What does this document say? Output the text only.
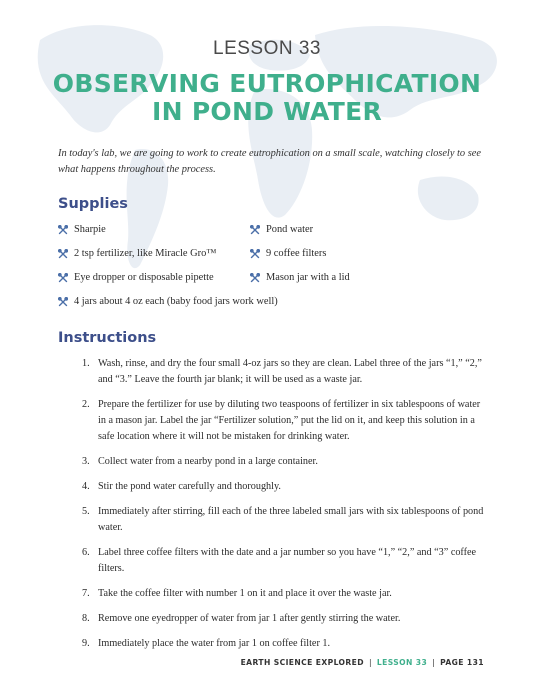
LESSON 33
OBSERVING EUTROPHICATION
IN POND WATER
In today's lab, we are going to work to create eutrophication on a small scale, watching closely to see what happens throughout the process.
Supplies
Sharpie	Pond water
2 tsp fertilizer, like Miracle Gro™	9 coffee filters
Eye dropper or disposable pipette	Mason jar with a lid
4 jars about 4 oz each (baby food jars work well)
Instructions
1. Wash, rinse, and dry the four small 4-oz jars so they are clean. Label three of the jars “1,” “2,” and “3.” Leave the fourth jar blank; it will be used as a waste jar.
2. Prepare the fertilizer for use by diluting two teaspoons of fertilizer in six tablespoons of water in a mason jar. Label the jar “Fertilizer solution,” put the lid on it, and keep this solution in a safe location where it will not be mistaken for drinking water.
3. Collect water from a nearby pond in a large container.
4. Stir the pond water carefully and thoroughly.
5. Immediately after stirring, fill each of the three labeled small jars with six tablespoons of pond water.
6. Label three coffee filters with the date and a jar number so you have “1,” “2,” and “3” coffee filters.
7. Take the coffee filter with number 1 on it and place it over the waste jar.
8. Remove one eyedropper of water from jar 1 after gently stirring the water.
9. Immediately place the water from jar 1 on coffee filter 1.
EARTH SCIENCE EXPLORED | LESSON 33 | PAGE 131
